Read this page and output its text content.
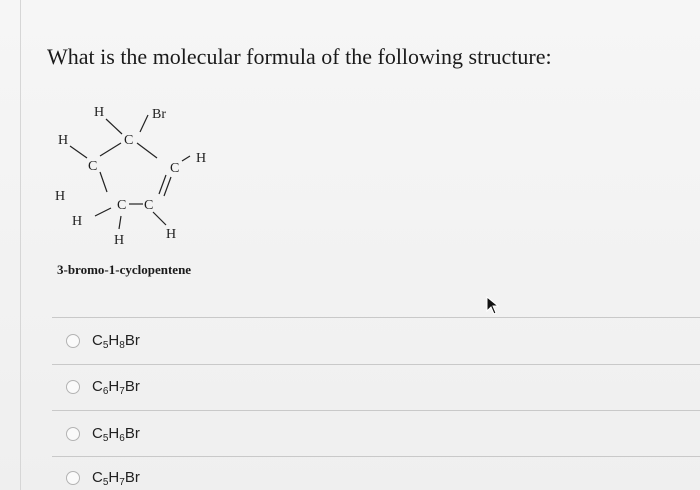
What is the molecular formula of the following structure:
H	Br
H	C
C
H
C
H
C C
H
H
H
3-bromo-1-cyclopentene
$C_5H_8Br$
$C_6H_7Br$
$C_5H_6Br$
$C_5H_7Br$
